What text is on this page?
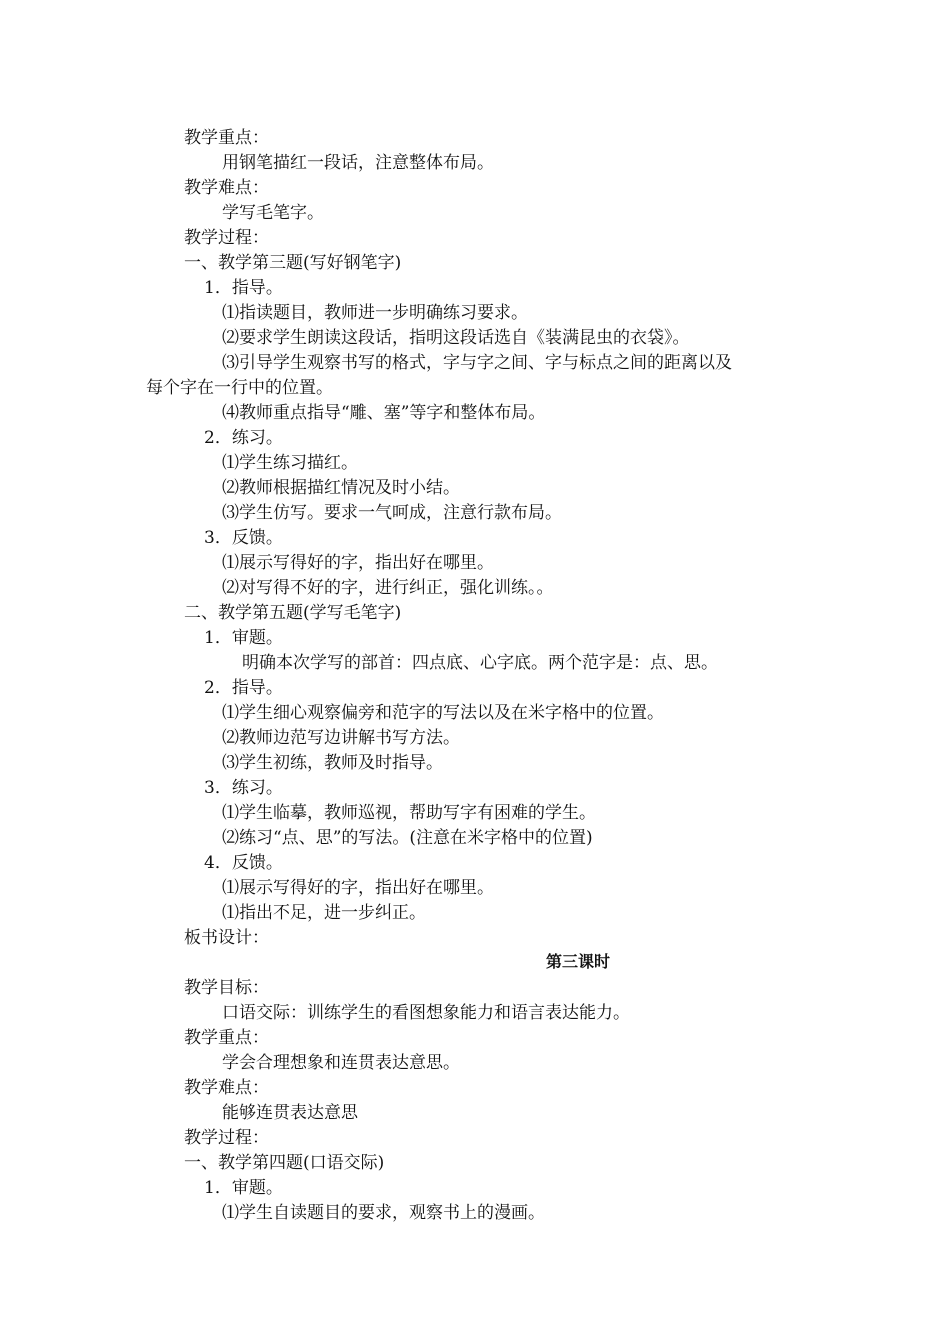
教学重点：
用钢笔描红一段话，注意整体布局。
教学难点：
学写毛笔字。
教学过程：
一、教学第三题(写好钢笔字)
1．指导。
⑴指读题目，教师进一步明确练习要求。
⑵要求学生朗读这段话，指明这段话选自《装满昆虫的衣袋》。
⑶引导学生观察书写的格式，字与字之间、字与标点之间的距离以及
每个字在一行中的位置。
⑷教师重点指导“雕、塞”等字和整体布局。
2．练习。
⑴学生练习描红。
⑵教师根据描红情况及时小结。
⑶学生仿写。要求一气呵成，注意行款布局。
3．反馈。
⑴展示写得好的字，指出好在哪里。
⑵对写得不好的字，进行纠正，强化训练。。
二、教学第五题(学写毛笔字)
1．审题。
明确本次学写的部首：四点底、心字底。两个范字是：点、思。
2．指导。
⑴学生细心观察偏旁和范字的写法以及在米字格中的位置。
⑵教师边范写边讲解书写方法。
⑶学生初练，教师及时指导。
3．练习。
⑴学生临摹，教师巡视，帮助写字有困难的学生。
⑵练习“点、思”的写法。(注意在米字格中的位置)
4．反馈。
⑴展示写得好的字，指出好在哪里。
⑴指出不足，进一步纠正。
板书设计：
第三课时
教学目标：
口语交际：训练学生的看图想象能力和语言表达能力。
教学重点：
学会合理想象和连贯表达意思。
教学难点：
能够连贯表达意思
教学过程：
一、教学第四题(口语交际)
1．审题。
⑴学生自读题目的要求，观察书上的漫画。
